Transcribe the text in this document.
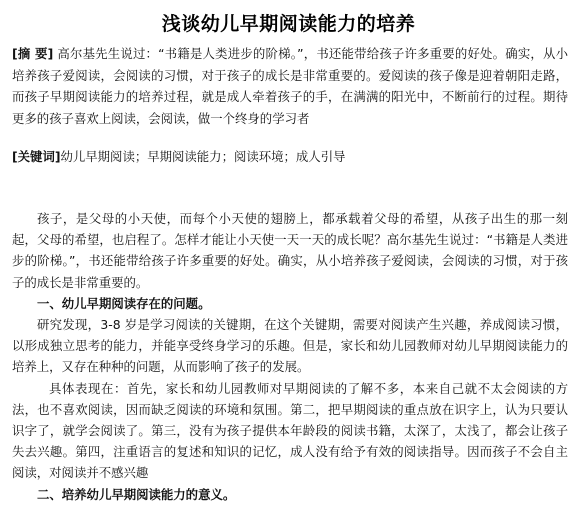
浅谈幼儿早期阅读能力的培养
[摘 要] 高尔基先生说过：“书籍是人类进步的阶梯。”，书还能带给孩子许多重要的好处。确实，从小培养孩子爱阅读，会阅读的习惯，对于孩子的成长是非常重要的。爱阅读的孩子像是迎着朝阳走路，而孩子早期阅读能力的培养过程，就是成人牵着孩子的手，在满满的阳光中，不断前行的过程。期待更多的孩子喜欢上阅读，会阅读，做一个终身的学习者
[关键词]幼儿早期阅读；早期阅读能力；阅读环境；成人引导

孩子，是父母的小天使，而每个小天使的翅膀上，都承载着父母的希望，从孩子出生的那一刻起，父母的希望，也启程了。怎样才能让小天使一天一天的成长呢？高尔基先生说过：“书籍是人类进步的阶梯。”，书还能带给孩子许多重要的好处。确实，从小培养孩子爱阅读，会阅读的习惯，对于孩子的成长是非常重要的。

一、幼儿早期阅读存在的问题。

研究发现，3-8 岁是学习阅读的关键期，在这个关键期，需要对阅读产生兴趣，养成阅读习惯，以形成独立思考的能力，并能享受终身学习的乐趣。但是，家长和幼儿园教师对幼儿早期阅读能力的培养上，又存在种种的问题，从而影响了孩子的发展。

具体表现在：首先，家长和幼儿园教师对早期阅读的了解不多，本来自己就不太会阅读的方法，也不喜欢阅读，因而缺乏阅读的环境和氛围。第二，把早期阅读的重点放在识字上，认为只要认识字了，就学会阅读了。第三，没有为孩子提供本年龄段的阅读书籍，太深了，太浅了，都会让孩子失去兴趣。第四，注重语言的复述和知识的记忆，成人没有给予有效的阅读指导。因而孩子不会自主阅读，对阅读并不感兴趣

二、培养幼儿早期阅读能力的意义。
